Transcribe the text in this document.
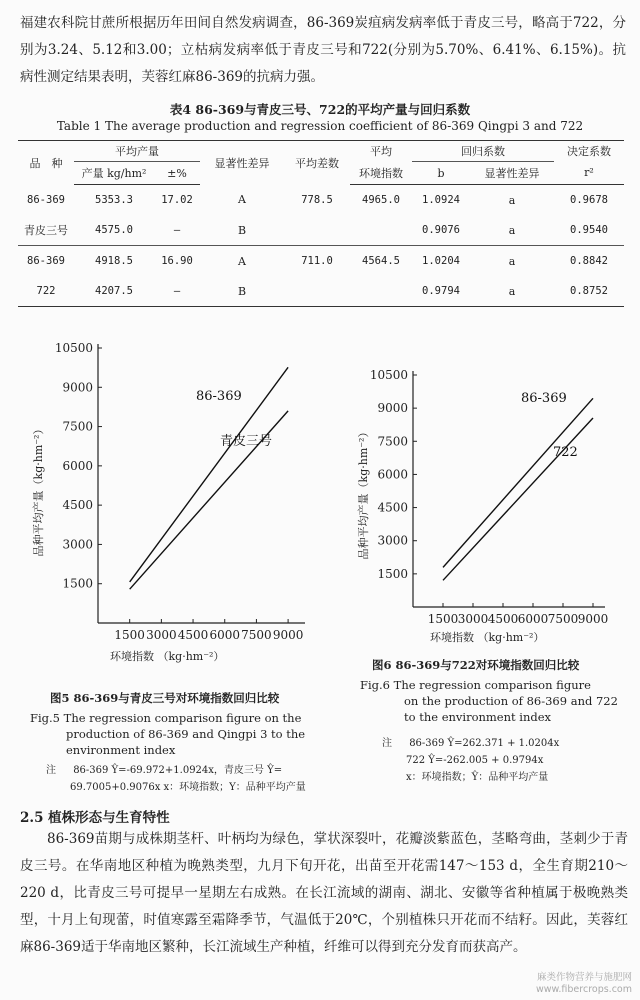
福建农科院甘蔗所根据历年田间自然发病调查，86-369炭疽病发病率低于青皮三号，略高于722，分别为3.24、5.12和3.00；立枯病发病率低于青皮三号和722(分别为5.70%、6.41%、6.15%)。抗病性测定结果表明，芙蓉红麻86-369的抗病力强。
表4 86-369与青皮三号、722的平均产量与回归系数
Table 1 The average production and regression coefficient of 86-369 Qingpi 3 and 722
品　种	平均产量		显著性差异	平均差数	平均	回归系数		决定系数
	产量 kg/hm²	±%			环境指数	b	显著性差异	r²
86-369	5353.3	17.02	A	778.5	4965.0	1.0924	a	0.9678
青皮三号	4575.0	—	B			0.9076	a	0.9540
86-369	4918.5	16.90	A	711.0	4564.5	1.0204	a	0.8842
722	4207.5	—	B			0.9794	a	0.8752
1500
3000
4500
6000
7500
9000
10500
1500 3000 4500 6000 7500 9000
86-369
青皮三号
品种平均产量（kg·hm⁻²）
环境指数 （kg·hm⁻²）
图5 86-369与青皮三号对环境指数回归比较
Fig.5 The regression comparison figure on the
production of 86-369 and Qingpi 3 to the
environment index
注 86-369 Ŷ=-69.972+1.0924x，青皮三号 Ŷ=
69.7005+0.9076x x：环境指数；Y：品种平均产量
1500
3000
4500
6000
7500
9000
10500
1500 3000 4500 6000 7500 9000
86-369
722
品种平均产量（kg·hm⁻²）
环境指数 （kg·hm⁻²）
图6 86-369与722对环境指数回归比较
Fig.6 The regression comparison figure
on the production of 86-369 and 722
to the environment index
注 86-369 Ŷ=262.371 + 1.0204x
722 Ŷ=-262.005 + 0.9794x
x：环境指数；Ŷ：品种平均产量
2.5 植株形态与生育特性
86-369苗期与成株期茎杆、叶柄均为绿色，掌状深裂叶，花瓣淡紫蓝色，茎略弯曲，茎刺少于青皮三号。在华南地区种植为晚熟类型，九月下旬开花，出苗至开花需147～153 d，全生育期210～220 d，比青皮三号可提早一星期左右成熟。在长江流域的湖南、湖北、安徽等省种植属于极晚熟类型，十月上旬现蕾，时值寒露至霜降季节，气温低于20℃，个别植株只开花而不结籽。因此，芙蓉红麻86-369适于华南地区繁种，长江流域生产种植，纤维可以得到充分发育而获高产。
麻类作物营养与施肥网
www.fibercrops.com
